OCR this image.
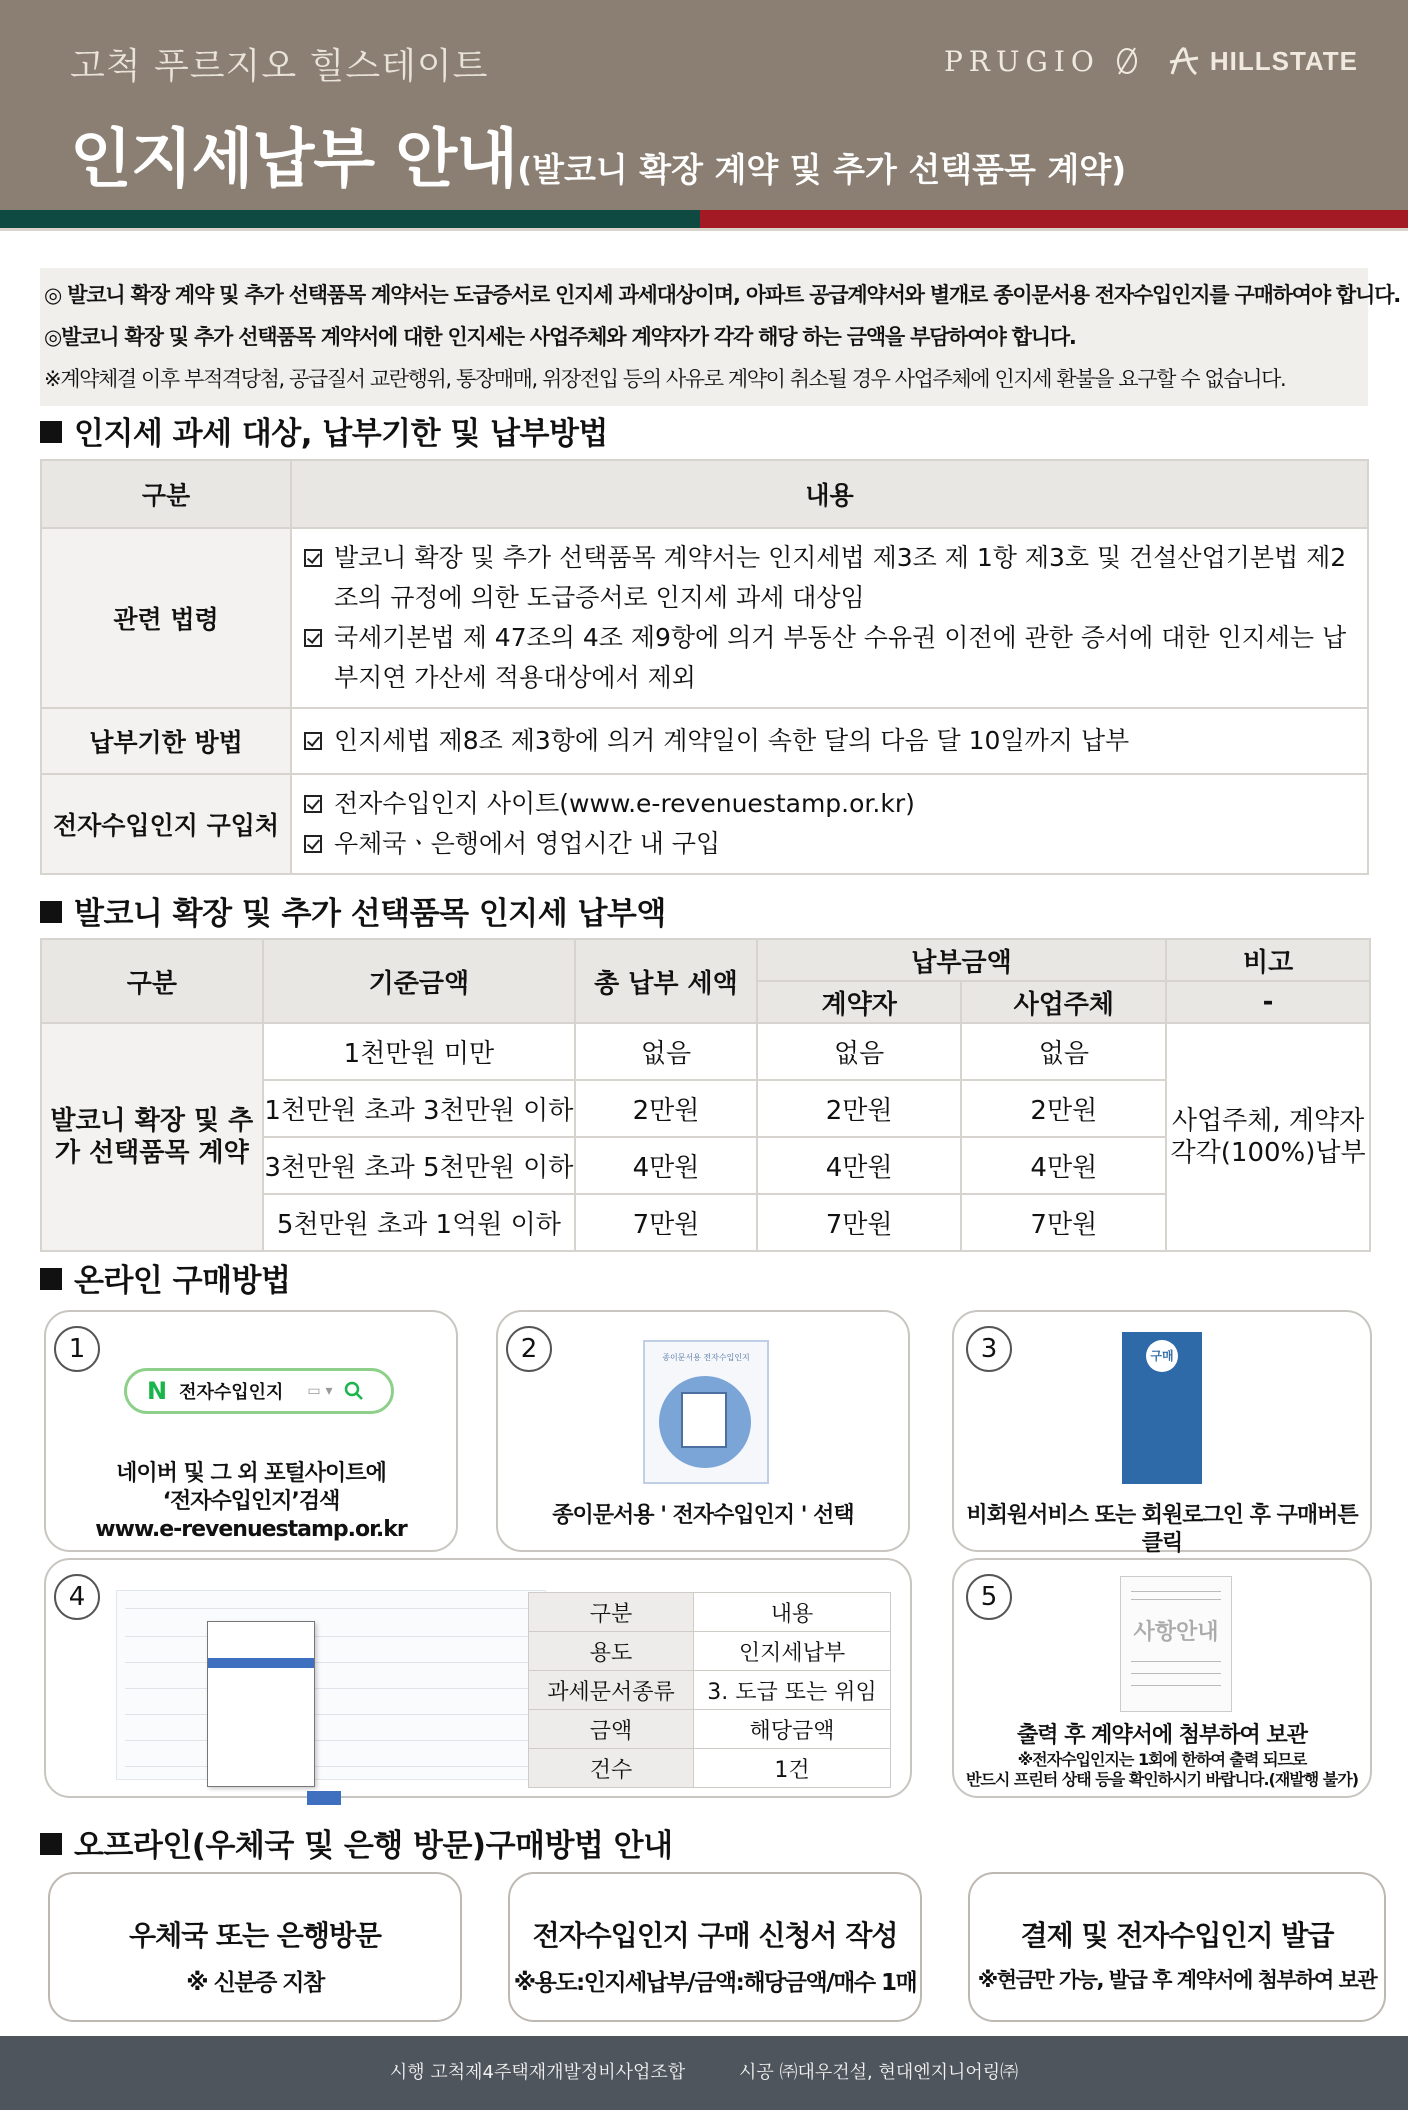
고척 푸르지오 힐스테이트
인지세납부 안내(발코니 확장 계약 및 추가 선택품목 계약)
PRUGIO	HILLSTATE

◎ 발코니 확장 계약 및 추가 선택품목 계약서는 도급증서로 인지세 과세대상이며, 아파트 공급계약서와 별개로 종이문서용 전자수입인지를 구매하여야 합니다.

◎발코니 확장 및 추가 선택품목 계약서에 대한 인지세는 사업주체와 계약자가 각각 해당 하는 금액을 부담하여야 합니다.

※계약체결 이후 부적격당첨, 공급질서 교란행위, 통장매매, 위장전입 등의 사유로 계약이 취소될 경우 사업주체에 인지세 환불을 요구할 수 없습니다.

인지세 과세 대상, 납부기한 및 납부방법
구분	내용
관련 법령	발코니 확장 및 추가 선택품목 계약서는 인지세법 제3조 제 1항 제3호 및 건설산업기본법 제2조의 규정에 의한 도급증서로 인지세 과세 대상임
국세기본법 제 47조의 4조 제9항에 의거 부동산 수유권 이전에 관한 증서에 대한 인지세는 납부지연 가산세 적용대상에서 제외

납부기한 방법	인지세법 제8조 제3항에 의거 계약일이 속한 달의 다음 달 10일까지 납부

전자수입인지 구입처	전자수입인지 사이트(www.e-revenuestamp.or.kr)
우체국ㆍ은행에서 영업시간 내 구입
발코니 확장 및 추가 선택품목 인지세 납부액
구분	기준금액	총 납부 세액	납부금액		비고
			계약자	사업주체	-
발코니 확장 및 추가 선택품목 계약	1천만원 미만	없음	없음	없음	사업주체, 계약자 각각(100%)납부
	1천만원 초과 3천만원 이하	2만원	2만원	2만원	
	3천만원 초과 5천만원 이하	4만원	4만원	4만원	
	5천만원 초과 1억원 이하	7만원	7만원	7만원	
온라인 구매방법
1
N 전자수입인지 ▭ ▾
네이버 및 그 외 포털사이트에
‘전자수입인지’검색
www.e-revenuestamp.or.kr
2	종이문서용 전자수입인지
종이문서용 ' 전자수입인지 ' 선택
3	구매
비회원서비스 또는 회원로그인 후 구매버튼 클릭
4
구분	내용
용도	인지세납부
과세문서종류	3. 도급 또는 위임
금액	해당금액
건수	1건
5
사항안내
출력 후 계약서에 첨부하여 보관
※전자수입인지는 1회에 한하여 출력 되므로
반드시 프린터 상태 등을 확인하시기 바랍니다.(재발행 불가)
오프라인(우체국 및 은행 방문)구매방법 안내
우체국 또는 은행방문
※ 신분증 지참
전자수입인지 구매 신청서 작성
※용도:인지세납부/금액:해당금액/매수 1매
결제 및 전자수입인지 발급
※현금만 가능, 발급 후 계약서에 첨부하여 보관
시행 고척제4주택재개발정비사업조합	시공 ㈜대우건설, 현대엔지니어링㈜
